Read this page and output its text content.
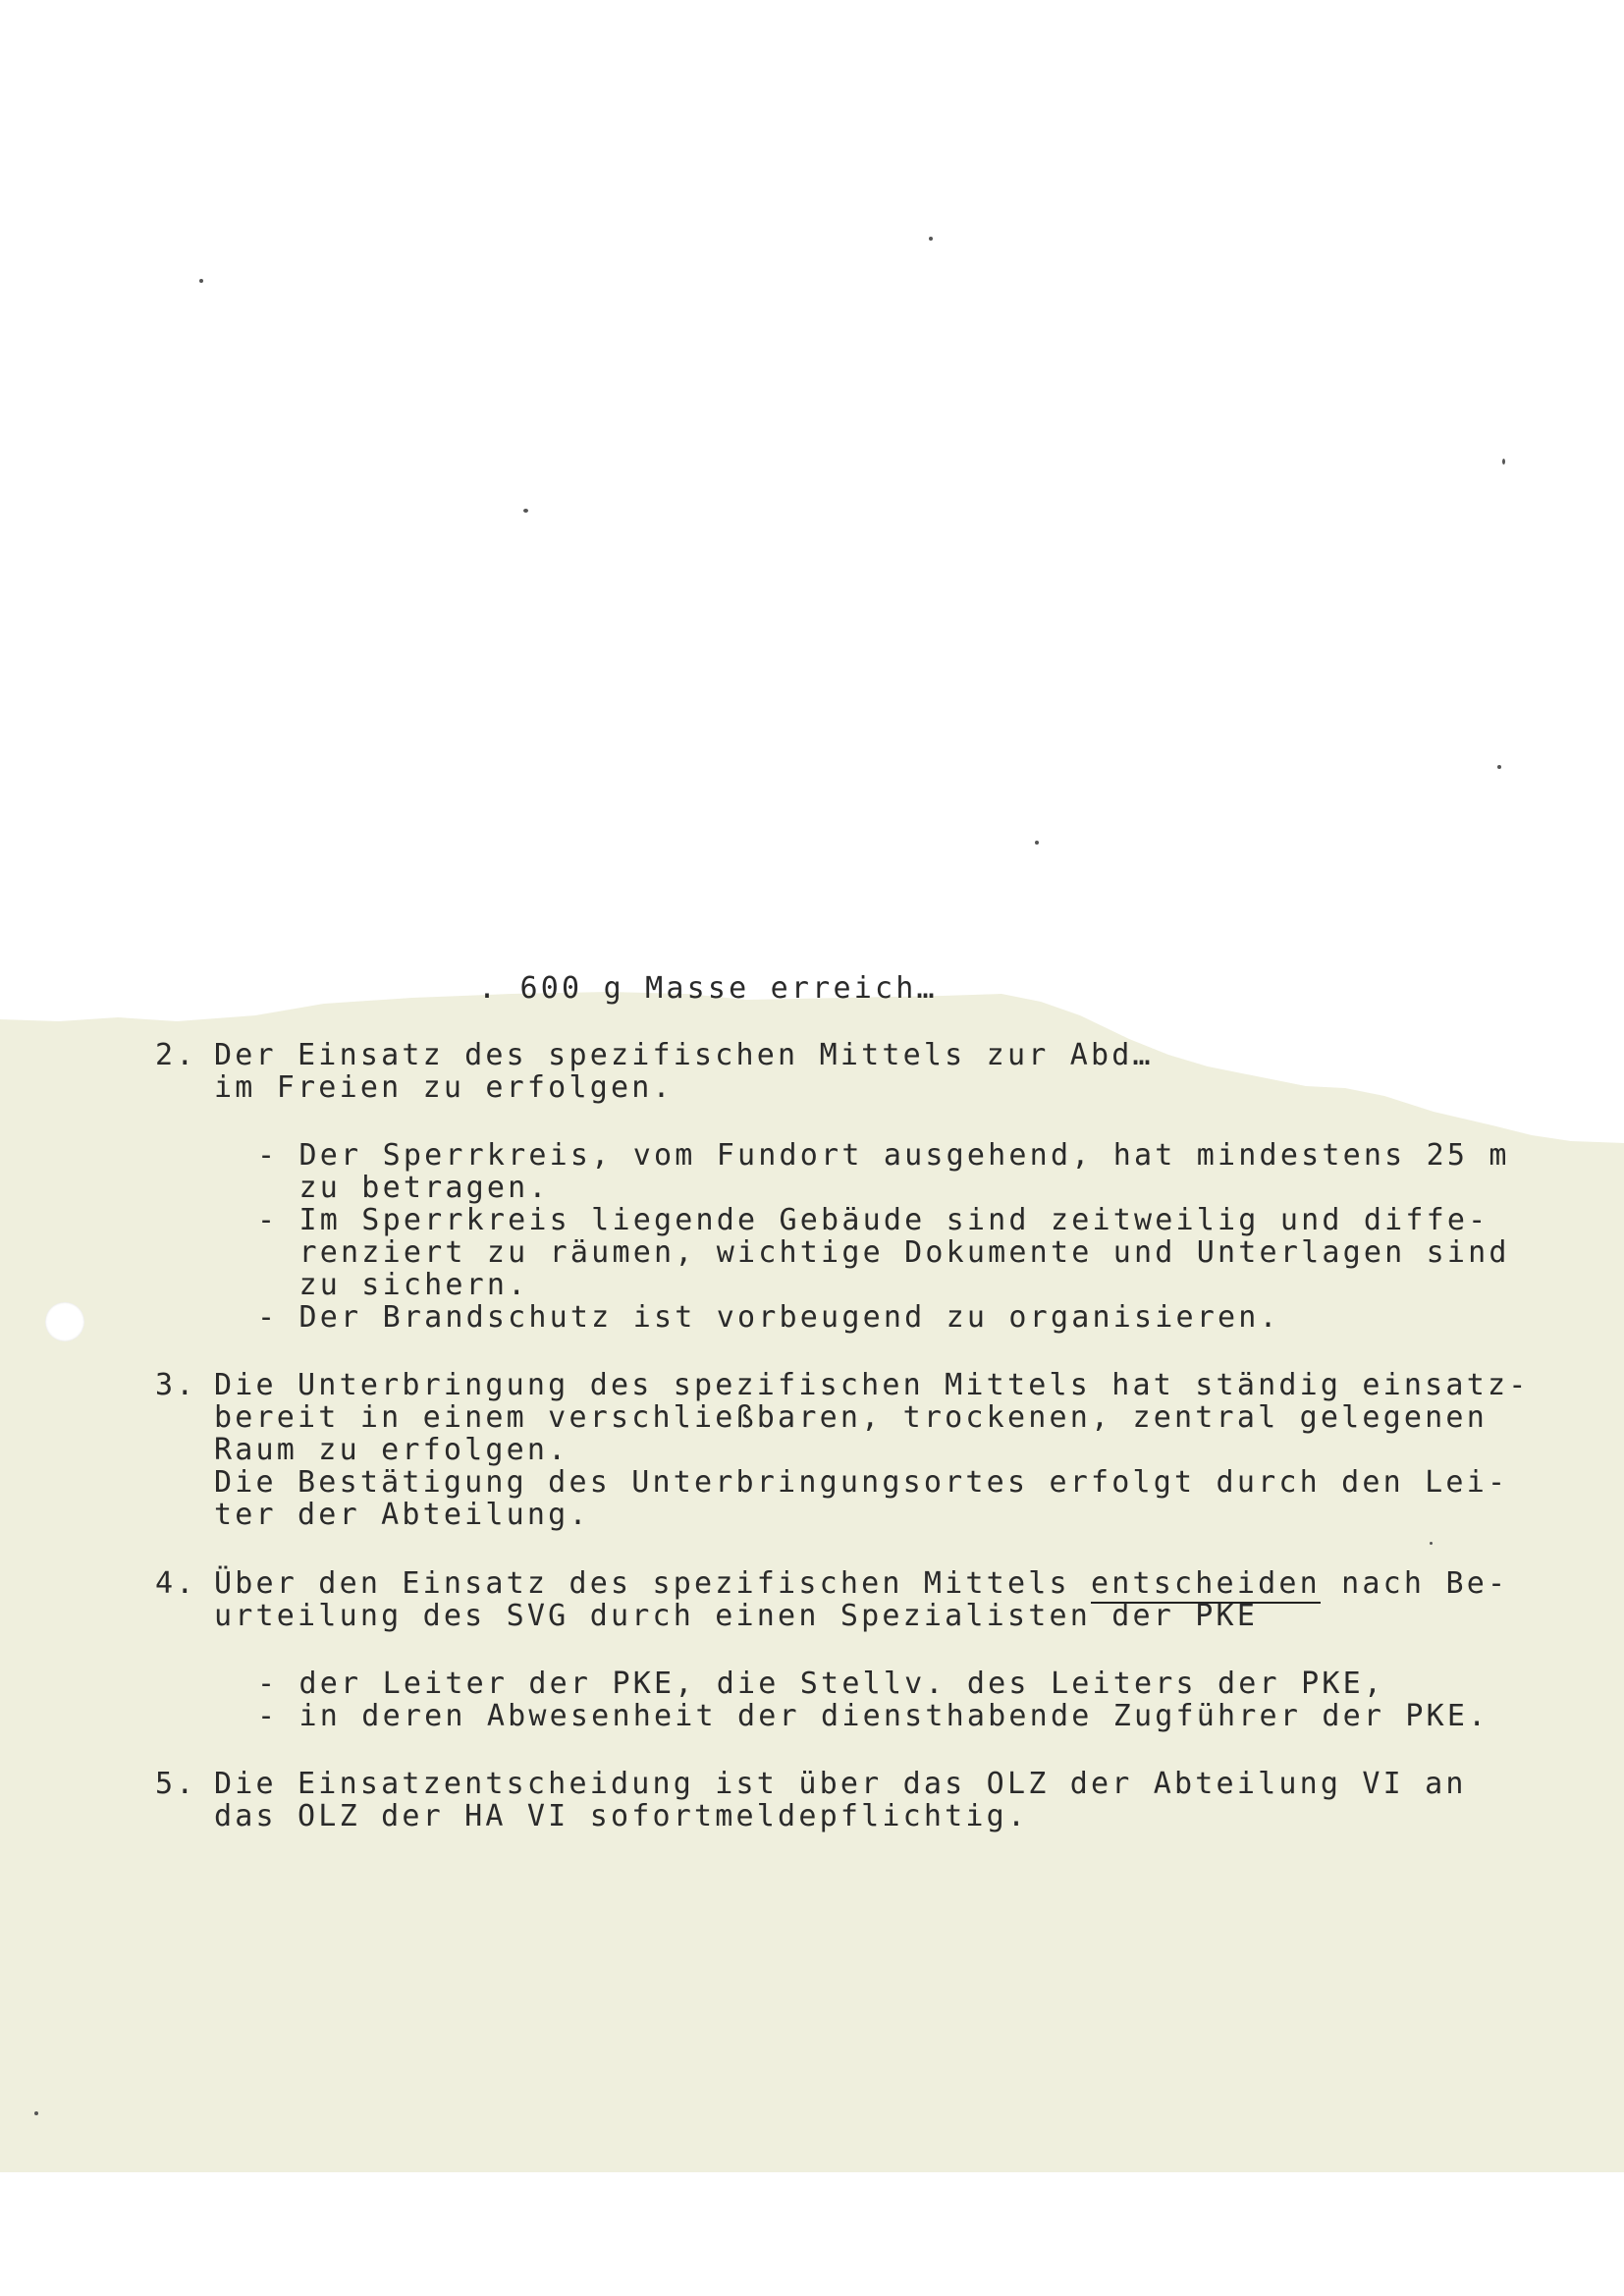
. 600 g Masse erreich…

2.

Der Einsatz des spezifischen Mittels zur Abd…

im Freien zu erfolgen.

- Der Sperrkreis, vom Fundort ausgehend, hat mindestens 25 m

zu betragen.

- Im Sperrkreis liegende Gebäude sind zeitweilig und diffe-

renziert zu räumen, wichtige Dokumente und Unterlagen sind

zu sichern.

- Der Brandschutz ist vorbeugend zu organisieren.

3.

Die Unterbringung des spezifischen Mittels hat ständig einsatz-

bereit in einem verschließbaren, trockenen, zentral gelegenen

Raum zu erfolgen.

Die Bestätigung des Unterbringungsortes erfolgt durch den Lei-

ter der Abteilung.

4.

Über den Einsatz des spezifischen Mittels entscheiden nach Be-

urteilung des SVG durch einen Spezialisten der PKE

- der Leiter der PKE, die Stellv. des Leiters der PKE,

- in deren Abwesenheit der diensthabende Zugführer der PKE.

5.

Die Einsatzentscheidung ist über das OLZ der Abteilung VI an

das OLZ der HA VI sofortmeldepflichtig.
